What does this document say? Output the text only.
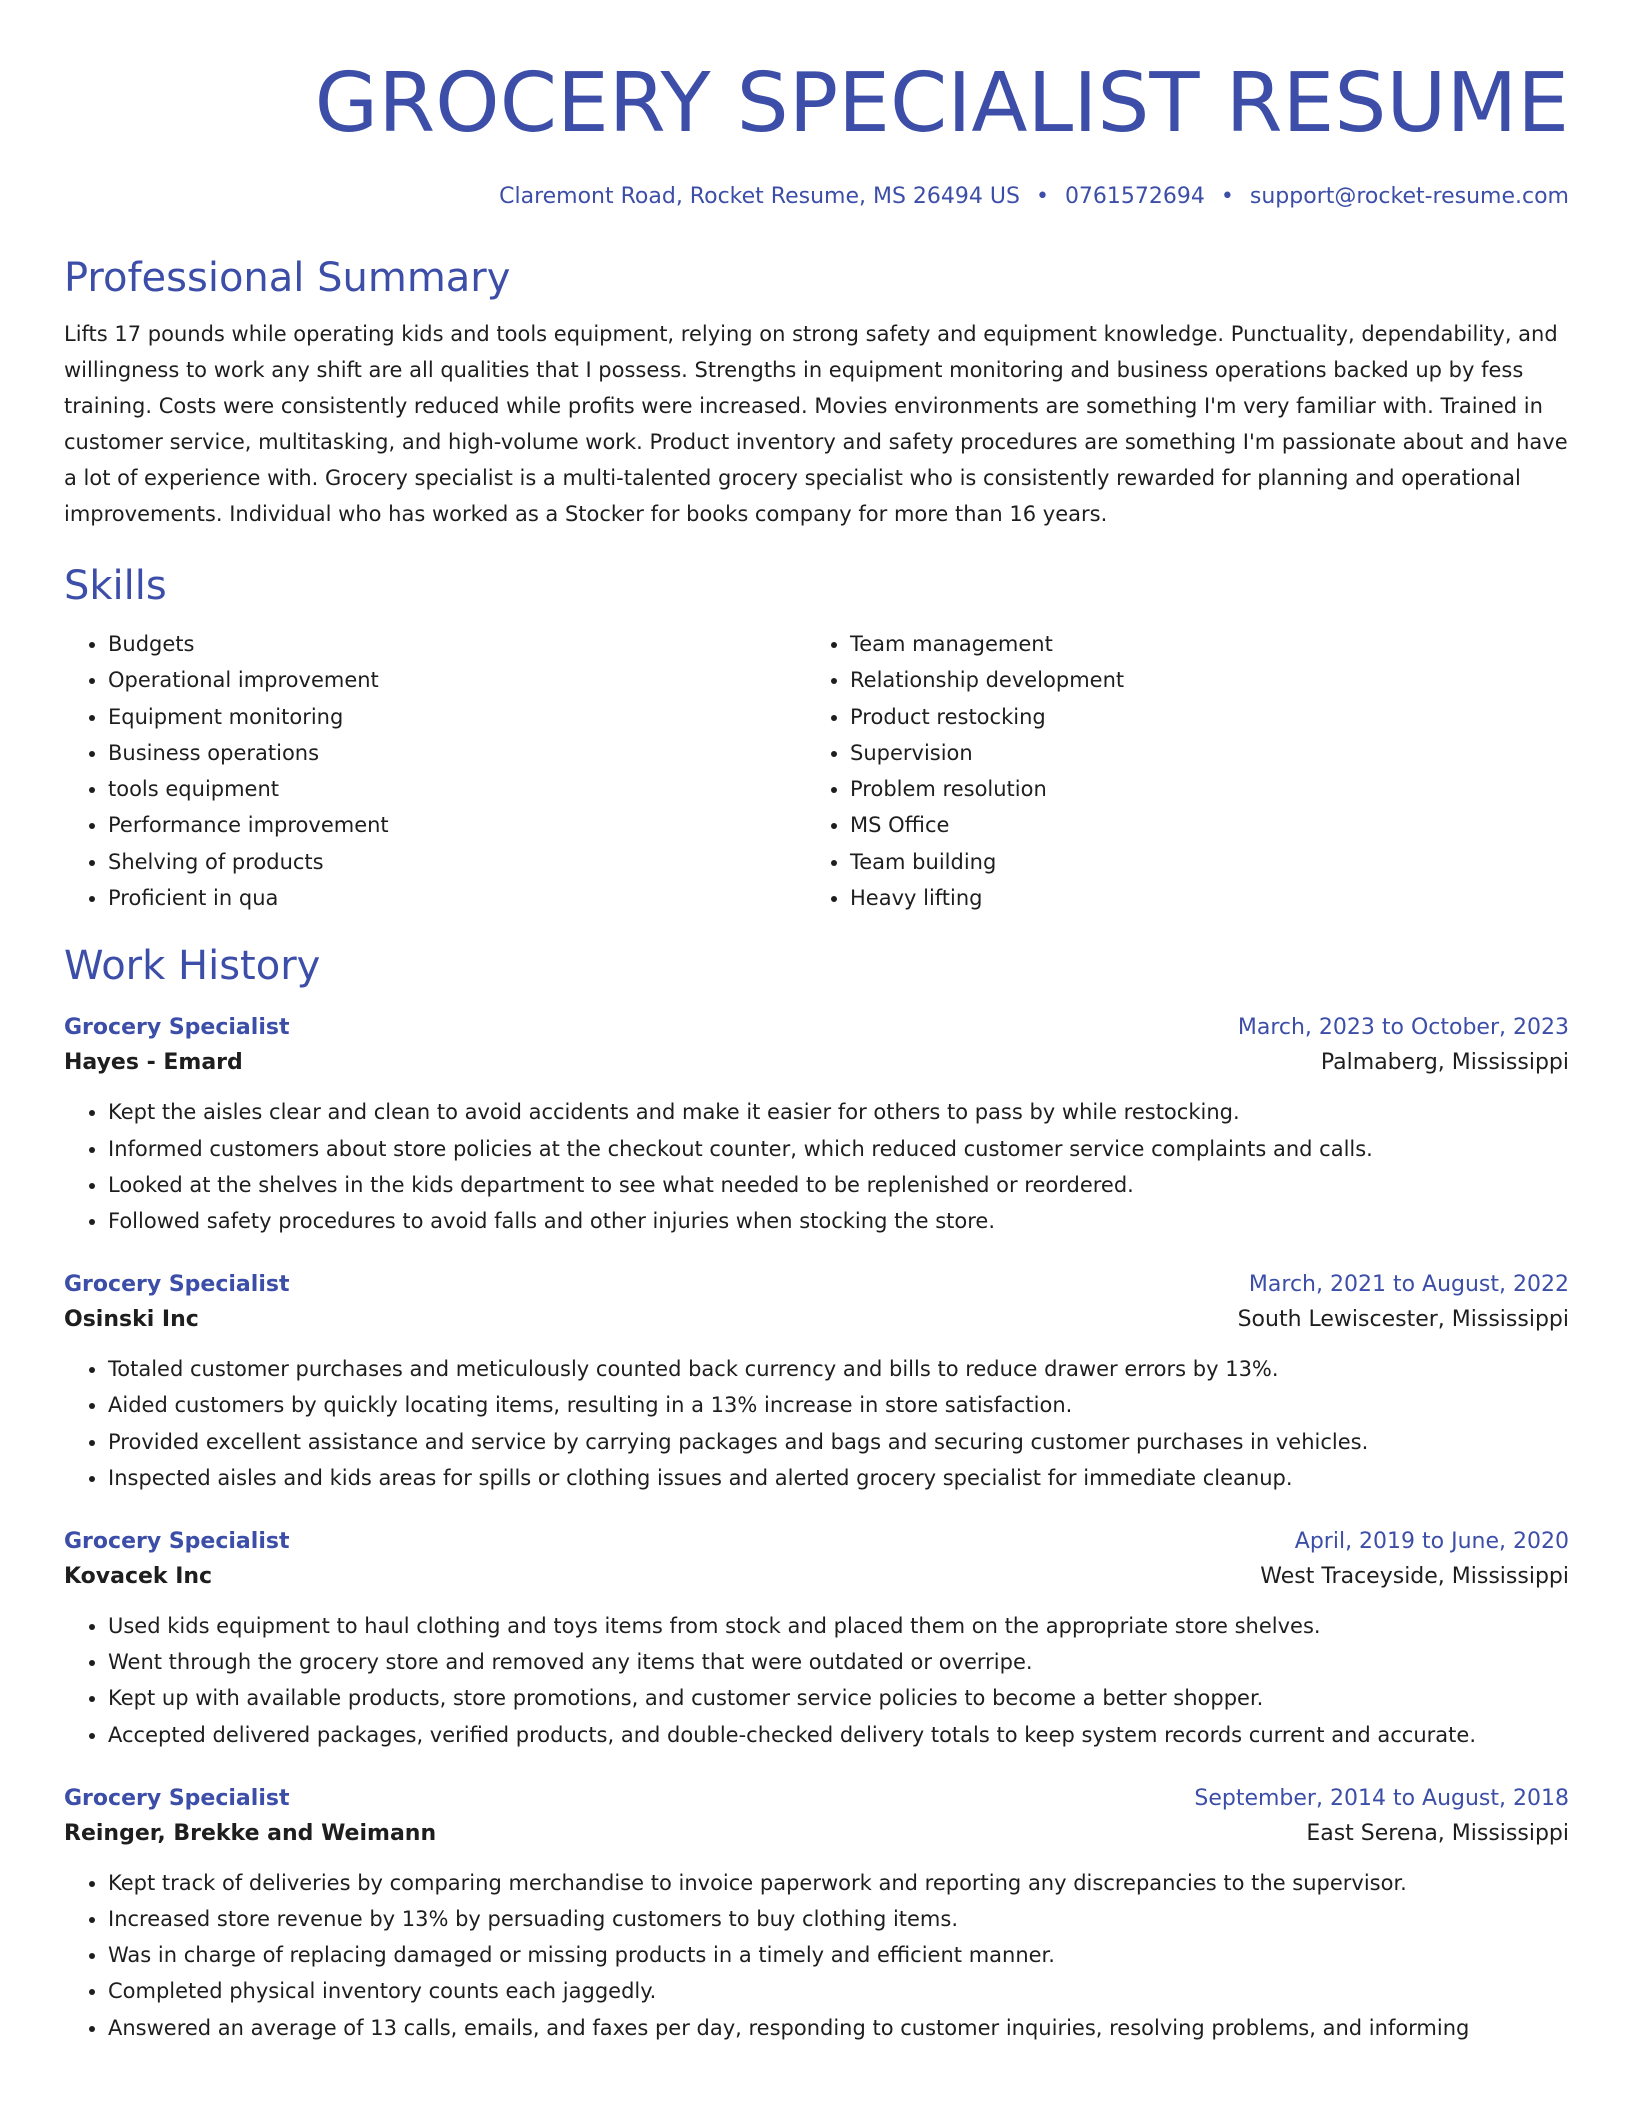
GROCERY SPECIALIST RESUME
Claremont Road, Rocket Resume, MS 26494 US • 0761572694 • support@rocket-resume.com
Professional Summary

Lifts 17 pounds while operating kids and tools equipment, relying on strong safety and equipment knowledge. Punctuality, dependability, and willingness to work any shift are all qualities that I possess. Strengths in equipment monitoring and business operations backed up by fess training. Costs were consistently reduced while profits were increased. Movies environments are something I'm very familiar with. Trained in customer service, multitasking, and high-volume work. Product inventory and safety procedures are something I'm passionate about and have a lot of experience with. Grocery specialist is a multi-talented grocery specialist who is consistently rewarded for planning and operational improvements. Individual who has worked as a Stocker for books company for more than 16 years.

Skills
• Budgets
• Operational improvement
• Equipment monitoring
• Business operations
• tools equipment
• Performance improvement
• Shelving of products
• Proficient in qua
• Team management
• Relationship development
• Product restocking
• Supervision
• Problem resolution
• MS Office
• Team building
• Heavy lifting
Work History
Grocery Specialist	March, 2023 to October, 2023
Hayes - Emard	Palmaberg, Mississippi
• Kept the aisles clear and clean to avoid accidents and make it easier for others to pass by while restocking.
• Informed customers about store policies at the checkout counter, which reduced customer service complaints and calls.
• Looked at the shelves in the kids department to see what needed to be replenished or reordered.
• Followed safety procedures to avoid falls and other injuries when stocking the store.
Grocery Specialist	March, 2021 to August, 2022
Osinski Inc	South Lewiscester, Mississippi
• Totaled customer purchases and meticulously counted back currency and bills to reduce drawer errors by 13%.
• Aided customers by quickly locating items, resulting in a 13% increase in store satisfaction.
• Provided excellent assistance and service by carrying packages and bags and securing customer purchases in vehicles.
• Inspected aisles and kids areas for spills or clothing issues and alerted grocery specialist for immediate cleanup.
Grocery Specialist	April, 2019 to June, 2020
Kovacek Inc	West Traceyside, Mississippi
• Used kids equipment to haul clothing and toys items from stock and placed them on the appropriate store shelves.
• Went through the grocery store and removed any items that were outdated or overripe.
• Kept up with available products, store promotions, and customer service policies to become a better shopper.
• Accepted delivered packages, verified products, and double-checked delivery totals to keep system records current and accurate.
Grocery Specialist	September, 2014 to August, 2018
Reinger, Brekke and Weimann	East Serena, Mississippi
• Kept track of deliveries by comparing merchandise to invoice paperwork and reporting any discrepancies to the supervisor.
• Increased store revenue by 13% by persuading customers to buy clothing items.
• Was in charge of replacing damaged or missing products in a timely and efficient manner.
• Completed physical inventory counts each jaggedly.
• Answered an average of 13 calls, emails, and faxes per day, responding to customer inquiries, resolving problems, and informing
